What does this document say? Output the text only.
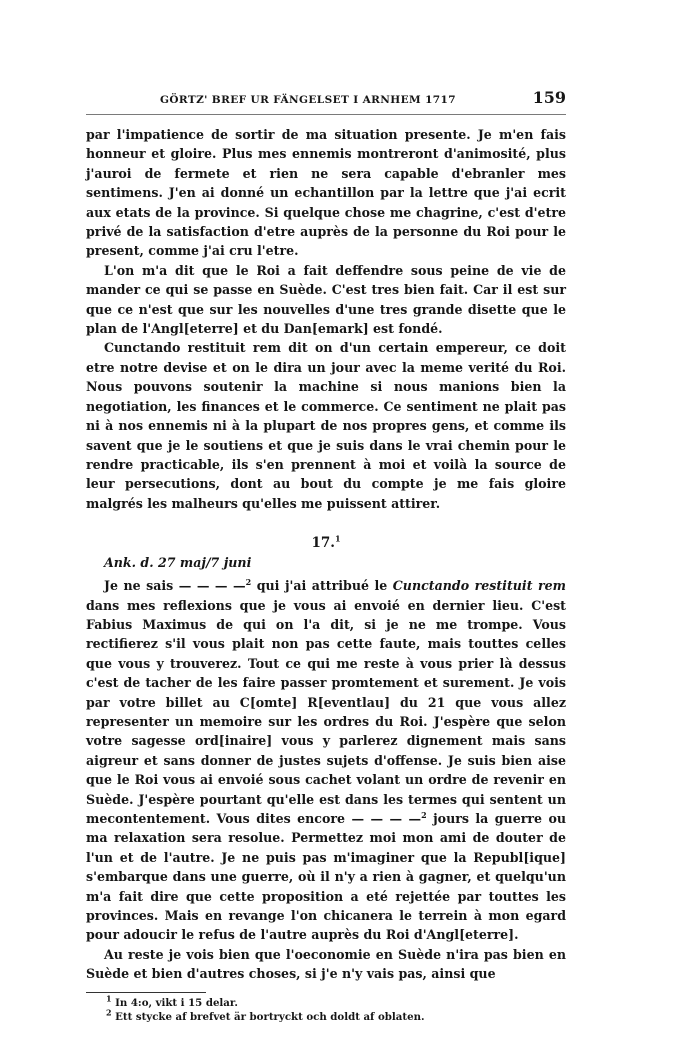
GÖRTZ' BREF UR FÄNGELSET I ARNHEM 1717	159

par l'impatience de sortir de ma situation presente. Je m'en fais honneur et gloire. Plus mes ennemis montreront d'animosité, plus j'auroi de fermete et rien ne sera capable d'ebranler mes sentimens. J'en ai donné un echantillon par la lettre que j'ai ecrit aux etats de la province. Si quelque chose me chagrine, c'est d'etre privé de la satisfaction d'etre auprès de la personne du Roi pour le present, comme j'ai cru l'etre.

L'on m'a dit que le Roi a fait deffendre sous peine de vie de mander ce qui se passe en Suède. C'est tres bien fait. Car il est sur que ce n'est que sur les nouvelles d'une tres grande disette que le plan de l'Angl[eterre] et du Dan[emark] est fondé.

Cunctando restituit rem dit on d'un certain empereur, ce doit etre notre devise et on le dira un jour avec la meme verité du Roi. Nous pouvons soutenir la machine si nous manions bien la negotiation, les finances et le commerce. Ce sentiment ne plait pas ni à nos ennemis ni à la plupart de nos propres gens, et comme ils savent que je le soutiens et que je suis dans le vrai chemin pour le rendre practicable, ils s'en prennent à moi et voilà la source de leur persecutions, dont au bout du compte je me fais gloire malgrés les malheurs qu'elles me puissent attirer.

17.$^1$
Ank. d. 27 maj/7 juni

Je ne sais — — — —$^2$ qui j'ai attribué le Cunctando restituit rem dans mes reflexions que je vous ai envoié en dernier lieu. C'est Fabius Maximus de qui on l'a dit, si je ne me trompe. Vous rectifierez s'il vous plait non pas cette faute, mais touttes celles que vous y trouverez. Tout ce qui me reste à vous prier là dessus c'est de tacher de les faire passer promtement et surement. Je vois par votre billet au C[omte] R[eventlau] du 21 que vous allez representer un memoire sur les ordres du Roi. J'espère que selon votre sagesse ord[inaire] vous y parlerez dignement mais sans aigreur et sans donner de justes sujets d'offense. Je suis bien aise que le Roi vous ai envoié sous cachet volant un ordre de revenir en Suède. J'espère pourtant qu'elle est dans les termes qui sentent un mecontentement. Vous dites encore — — — —$^2$ jours la guerre ou ma relaxation sera resolue. Permettez moi mon ami de douter de l'un et de l'autre. Je ne puis pas m'imaginer que la Republ[ique] s'embarque dans une guerre, où il n'y a rien à gagner, et quelqu'un m'a fait dire que cette proposition a eté rejettée par touttes les provinces. Mais en revange l'on chicanera le terrein à mon egard pour adoucir le refus de l'autre auprès du Roi d'Angl[eterre].

Au reste je vois bien que l'oeconomie en Suède n'ira pas bien en Suède et bien d'autres choses, si j'e n'y vais pas, ainsi que

$^1$ In 4:o, vikt i 15 delar.
$^2$ Ett stycke af brefvet är bortryckt och doldt af oblaten.
